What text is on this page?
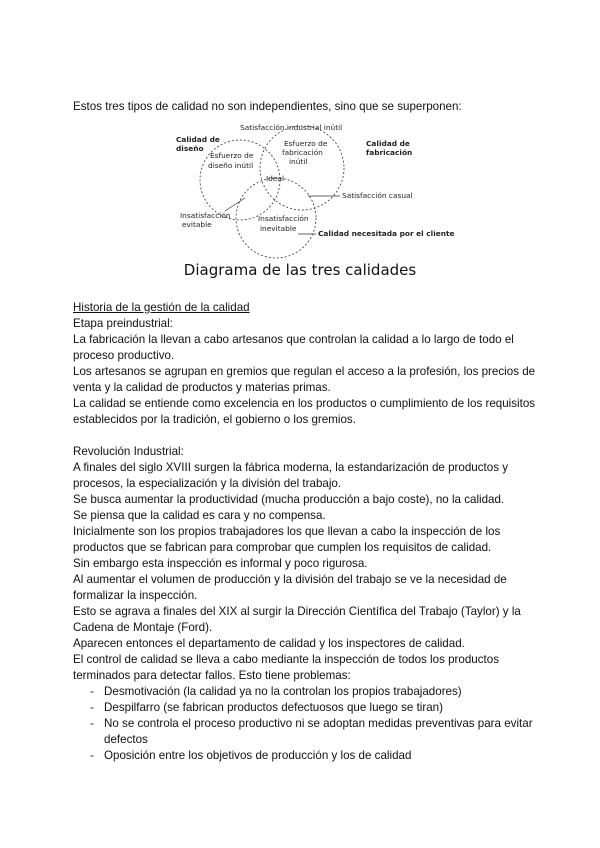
Estos tres tipos de calidad no son independientes, sino que se superponen:
Satisfacción industrial inútil
Calidad de
diseño
Calidad de
fabricación
Esfuerzo de
diseño inútil
Esfuerzo de
fabricación
inútil
Ideal
Satisfacción casual
Insatisfacción
evitable
Insatisfacción
inevitable
Calidad necesitada por el cliente
Diagrama de las tres calidades
Historia de la gestión de la calidad
Etapa preindustrial:
La fabricación la llevan a cabo artesanos que controlan la calidad a lo largo de todo el
proceso productivo.
Los artesanos se agrupan en gremios que regulan el acceso a la profesión, los precios de
venta y la calidad de productos y materias primas.
La calidad se entiende como excelencia en los productos o cumplimiento de los requisitos
establecidos por la tradición, el gobierno o los gremios.
Revolución Industrial:
A finales del siglo XVIII surgen la fábrica moderna, la estandarización de productos y
procesos, la especialización y la división del trabajo.
Se busca aumentar la productividad (mucha producción a bajo coste), no la calidad.
Se piensa que la calidad es cara y no compensa.
Inicialmente son los propios trabajadores los que llevan a cabo la inspección de los
productos que se fabrican para comprobar que cumplen los requisitos de calidad.
Sin embargo esta inspección es informal y poco rigurosa.
Al aumentar el volumen de producción y la división del trabajo se ve la necesidad de
formalizar la inspección.
Esto se agrava a finales del XIX al surgir la Dirección Científica del Trabajo (Taylor) y la
Cadena de Montaje (Ford).
Aparecen entonces el departamento de calidad y los inspectores de calidad.
El control de calidad se lleva a cabo mediante la inspección de todos los productos
terminados para detectar fallos. Esto tiene problemas:
- Desmotivación (la calidad ya no la controlan los propios trabajadores)
- Despilfarro (se fabrican productos defectuosos que luego se tiran)
- No se controla el proceso productivo ni se adoptan medidas preventivas para evitar
defectos
- Oposición entre los objetivos de producción y los de calidad
